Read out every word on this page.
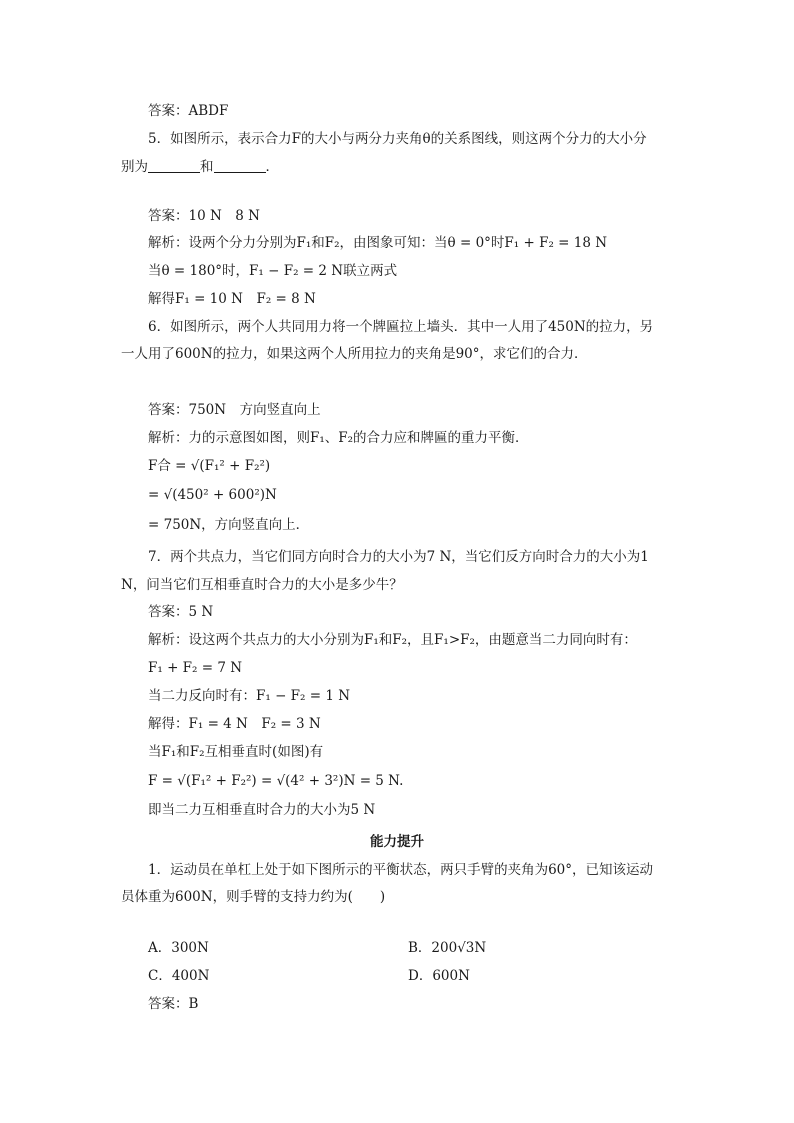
答案：ABDF
5．如图所示，表示合力F的大小与两分力夹角θ的关系图线，则这两个分力的大小分
别为	和	．
答案：10 N　8 N
解析：设两个分力分别为F₁和F₂，由图象可知：当θ = 0°时F₁ + F₂ = 18 N
当θ = 180°时，F₁ − F₂ = 2 N联立两式
解得F₁ = 10 N　F₂ = 8 N
6．如图所示，两个人共同用力将一个牌匾拉上墙头．其中一人用了450N的拉力，另
一人用了600N的拉力，如果这两个人所用拉力的夹角是90°，求它们的合力．
答案：750N　方向竖直向上
解析：力的示意图如图，则F₁、F₂的合力应和牌匾的重力平衡．
F合 = √(F₁² + F₂²)
= √(450² + 600²)N
= 750N，方向竖直向上．
7．两个共点力，当它们同方向时合力的大小为7 N，当它们反方向时合力的大小为1
N，问当它们互相垂直时合力的大小是多少牛？
答案：5 N
解析：设这两个共点力的大小分别为F₁和F₂，且F₁>F₂，由题意当二力同向时有：
F₁ + F₂ = 7 N
当二力反向时有：F₁ − F₂ = 1 N
解得：F₁ = 4 N　F₂ = 3 N
当F₁和F₂互相垂直时(如图)有
F = √(F₁² + F₂²) = √(4² + 3²)N = 5 N.
即当二力互相垂直时合力的大小为5 N
能力提升
1．运动员在单杠上处于如下图所示的平衡状态，两只手臂的夹角为60°，已知该运动
员体重为600N，则手臂的支持力约为(　　)
A．300N	B．200√3N
C．400N	D．600N
答案：B
